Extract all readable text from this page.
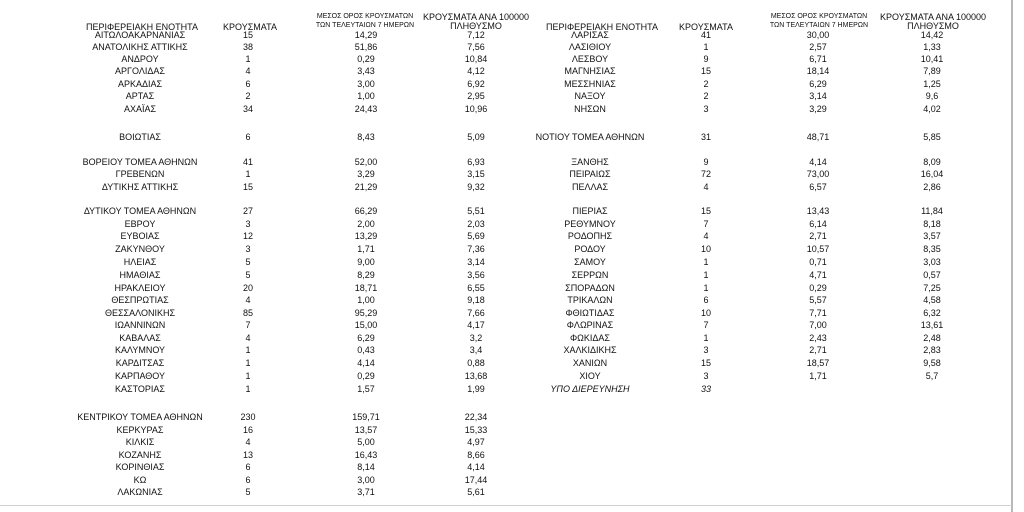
ΠΕΡΙΦΕΡΕΙΑΚΗ ΕΝΟΤΗΤΑ	ΚΡΟΥΣΜΑΤΑ
ΜΕΣΟΣ ΟΡΟΣ ΚΡΟΥΣΜΑΤΩΝ
ΤΩΝ ΤΕΛΕΥΤΑΙΩΝ 7 ΗΜΕΡΩΝ
ΚΡΟΥΣΜΑΤΑ ΑΝΑ 100000
ΠΛΗΘΥΣΜΟ	ΠΕΡΙΦΕΡΕΙΑΚΗ ΕΝΟΤΗΤΑ	ΚΡΟΥΣΜΑΤΑ
ΜΕΣΟΣ ΟΡΟΣ ΚΡΟΥΣΜΑΤΩΝ
ΤΩΝ ΤΕΛΕΥΤΑΙΩΝ 7 ΗΜΕΡΩΝ
ΚΡΟΥΣΜΑΤΑ ΑΝΑ 100000
ΠΛΗΘΥΣΜΟ
ΑΙΤΩΛΟΑΚΑΡΝΑΝΙΑΣ	15	14,29	7,12
ΑΝΑΤΟΛΙΚΗΣ ΑΤΤΙΚΗΣ	38	51,86	7,56
ΑΝΔΡΟΥ	1	0,29	10,84
ΑΡΓΟΛΙΔΑΣ	4	3,43	4,12
ΑΡΚΑΔΙΑΣ	6	3,00	6,92
ΑΡΤΑΣ	2	1,00	2,95
ΑΧΑΪΑΣ	34	24,43	10,96
ΒΟΙΩΤΙΑΣ	6	8,43	5,09
ΒΟΡΕΙΟΥ ΤΟΜΕΑ ΑΘΗΝΩΝ	41	52,00	6,93
ΓΡΕΒΕΝΩΝ	1	3,29	3,15
ΔΥΤΙΚΗΣ ΑΤΤΙΚΗΣ	15	21,29	9,32
ΔΥΤΙΚΟΥ ΤΟΜΕΑ ΑΘΗΝΩΝ	27	66,29	5,51
ΕΒΡΟΥ	3	2,00	2,03
ΕΥΒΟΙΑΣ	12	13,29	5,69
ΖΑΚΥΝΘΟΥ	3	1,71	7,36
ΗΛΕΙΑΣ	5	9,00	3,14
ΗΜΑΘΙΑΣ	5	8,29	3,56
ΗΡΑΚΛΕΙΟΥ	20	18,71	6,55
ΘΕΣΠΡΩΤΙΑΣ	4	1,00	9,18
ΘΕΣΣΑΛΟΝΙΚΗΣ	85	95,29	7,66
ΙΩΑΝΝΙΝΩΝ	7	15,00	4,17
ΚΑΒΑΛΑΣ	4	6,29	3,2
ΚΑΛΥΜΝΟΥ	1	0,43	3,4
ΚΑΡΔΙΤΣΑΣ	1	4,14	0,88
ΚΑΡΠΑΘΟΥ	1	0,29	13,68
ΚΑΣΤΟΡΙΑΣ	1	1,57	1,99
ΚΕΝΤΡΙΚΟΥ ΤΟΜΕΑ ΑΘΗΝΩΝ	230	159,71	22,34
ΚΕΡΚΥΡΑΣ	16	13,57	15,33
ΚΙΛΚΙΣ	4	5,00	4,97
ΚΟΖΑΝΗΣ	13	16,43	8,66
ΚΟΡΙΝΘΙΑΣ	6	8,14	4,14
ΚΩ	6	3,00	17,44
ΛΑΚΩΝΙΑΣ	5	3,71	5,61
ΛΑΡΙΣΑΣ	41	30,00	14,42
ΛΑΣΙΘΙΟΥ	1	2,57	1,33
ΛΕΣΒΟΥ	9	6,71	10,41
ΜΑΓΝΗΣΙΑΣ	15	18,14	7,89
ΜΕΣΣΗΝΙΑΣ	2	6,29	1,25
ΝΑΞΟΥ	2	3,14	9,6
ΝΗΣΩΝ	3	3,29	4,02
ΝΟΤΙΟΥ ΤΟΜΕΑ ΑΘΗΝΩΝ	31	48,71	5,85
ΞΑΝΘΗΣ	9	4,14	8,09
ΠΕΙΡΑΙΩΣ	72	73,00	16,04
ΠΕΛΛΑΣ	4	6,57	2,86
ΠΙΕΡΙΑΣ	15	13,43	11,84
ΡΕΘΥΜΝΟΥ	7	6,14	8,18
ΡΟΔΟΠΗΣ	4	2,71	3,57
ΡΟΔΟΥ	10	10,57	8,35
ΣΑΜΟΥ	1	0,71	3,03
ΣΕΡΡΩΝ	1	4,71	0,57
ΣΠΟΡΑΔΩΝ	1	0,29	7,25
ΤΡΙΚΑΛΩΝ	6	5,57	4,58
ΦΘΙΩΤΙΔΑΣ	10	7,71	6,32
ΦΛΩΡΙΝΑΣ	7	7,00	13,61
ΦΩΚΙΔΑΣ	1	2,43	2,48
ΧΑΛΚΙΔΙΚΗΣ	3	2,71	2,83
ΧΑΝΙΩΝ	15	18,57	9,58
ΧΙΟΥ	3	1,71	5,7
ΥΠΟ ΔΙΕΡΕΥΝΗΣΗ	33
